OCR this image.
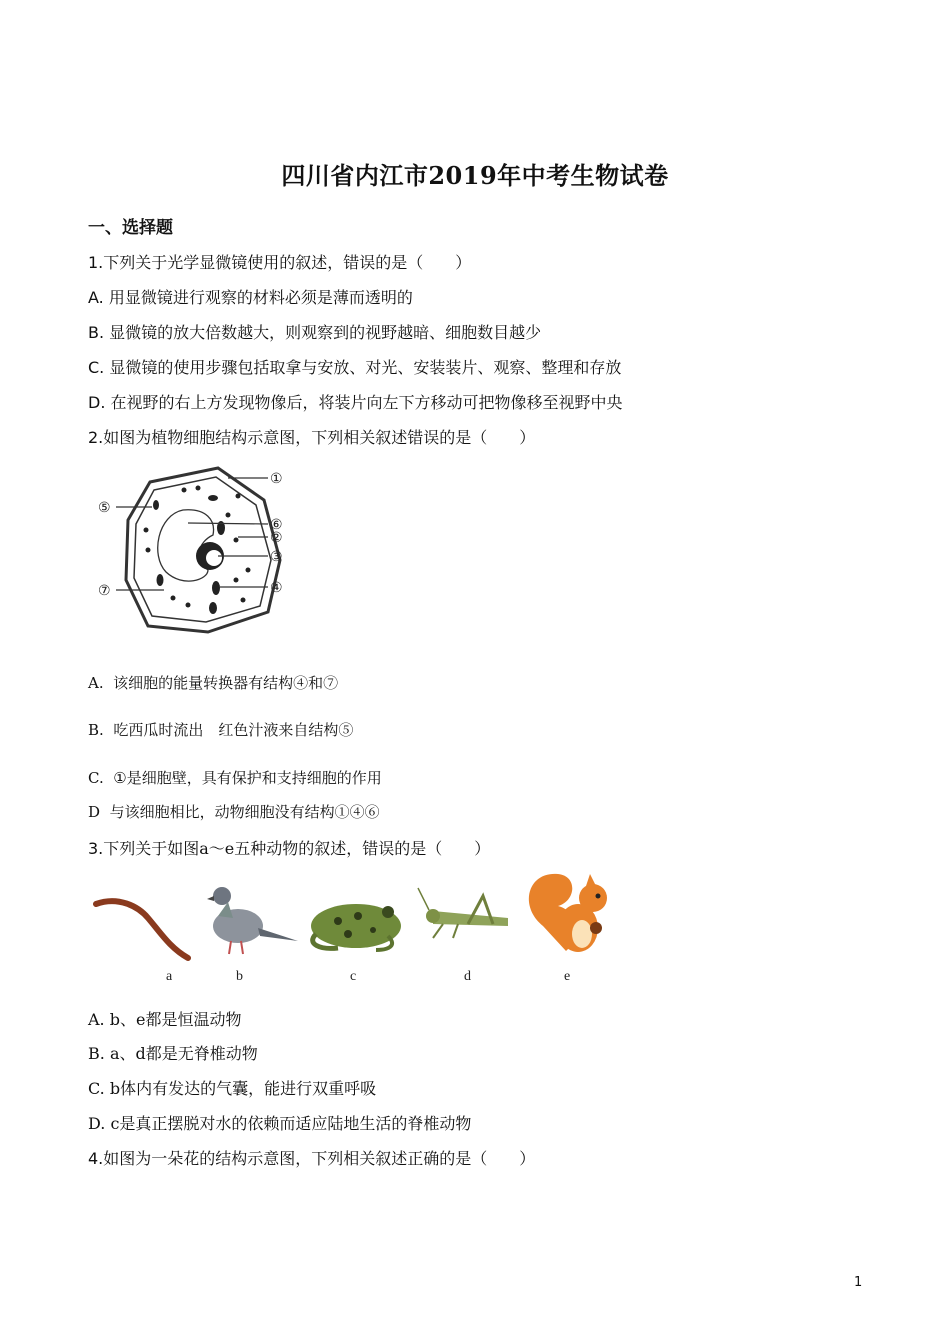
四川省内江市2019年中考生物试卷
一、选择题
1.下列关于光学显微镜使用的叙述，错误的是（　　）
A. 用显微镜进行观察的材料必须是薄而透明的
B. 显微镜的放大倍数越大，则观察到的视野越暗、细胞数目越少
C. 显微镜的使用步骤包括取拿与安放、对光、安装装片、观察、整理和存放
D. 在视野的右上方发现物像后，将装片向左下方移动可把物像移至视野中央
2.如图为植物细胞结构示意图，下列相关叙述错误的是（　　）
①
②
③
④
⑤
⑥
⑦
A. 该细胞的能量转换器有结构④和⑦
B. 吃西瓜时流出　红色汁液来自结构⑤
C. ①是细胞壁，具有保护和支持细胞的作用
D 与该细胞相比，动物细胞没有结构①④⑥
3.下列关于如图a～e五种动物的叙述，错误的是（　　）
a	b	c	d	e
A. b、e都是恒温动物
B. a、d都是无脊椎动物
C. b体内有发达的气囊，能进行双重呼吸
D. c是真正摆脱对水的依赖而适应陆地生活的脊椎动物
4.如图为一朵花的结构示意图，下列相关叙述正确的是（　　）
1
